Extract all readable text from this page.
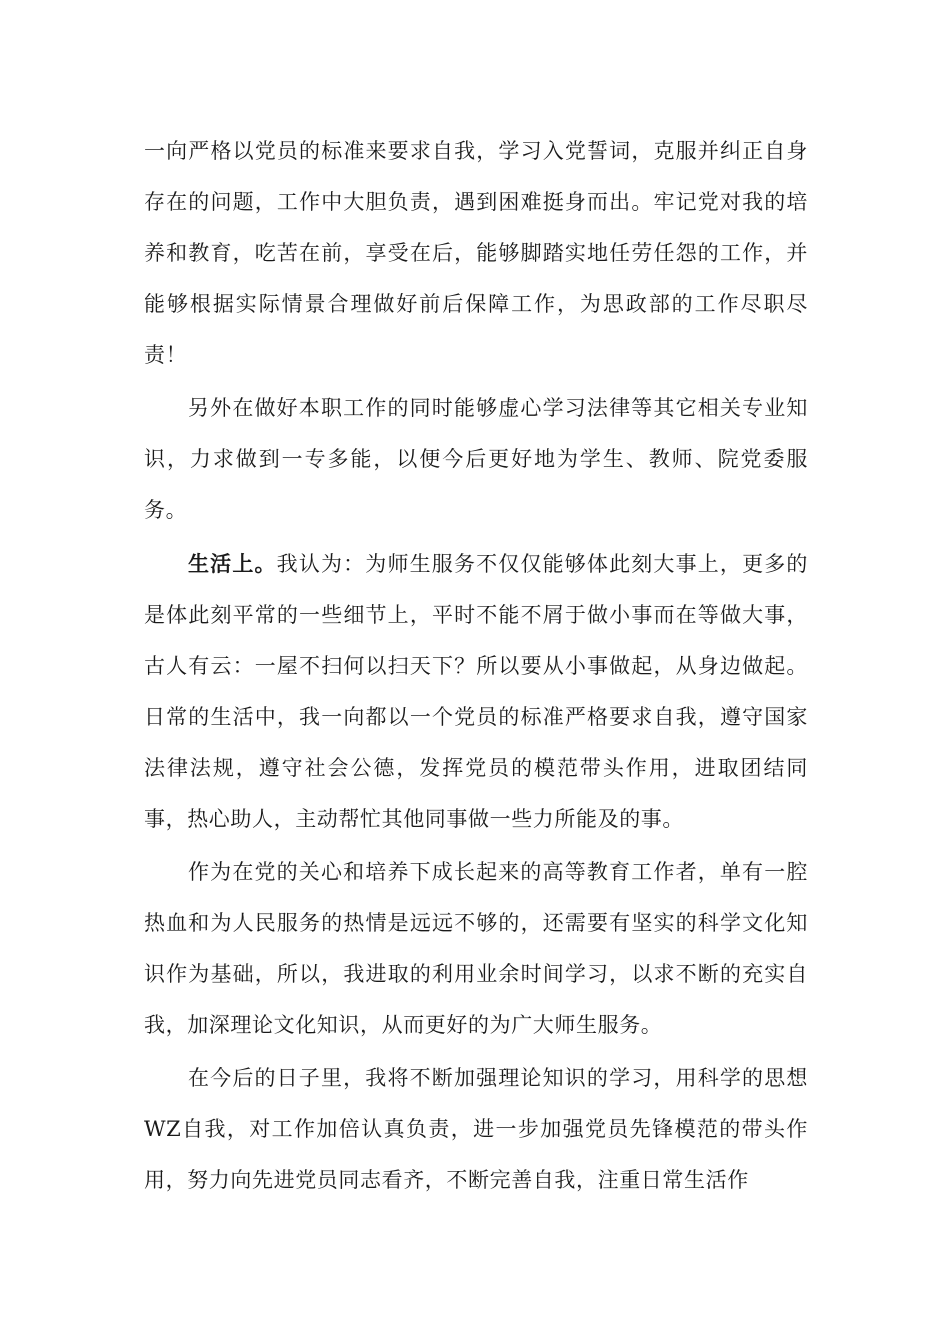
一向严格以党员的标准来要求自我，学习入党誓词，克服并纠正自身存在的问题，工作中大胆负责，遇到困难挺身而出。牢记党对我的培养和教育，吃苦在前，享受在后，能够脚踏实地任劳任怨的工作，并能够根据实际情景合理做好前后保障工作，为思政部的工作尽职尽责！

另外在做好本职工作的同时能够虚心学习法律等其它相关专业知识，力求做到一专多能，以便今后更好地为学生、教师、院党委服务。

生活上。我认为：为师生服务不仅仅能够体此刻大事上，更多的是体此刻平常的一些细节上，平时不能不屑于做小事而在等做大事，古人有云：一屋不扫何以扫天下？所以要从小事做起，从身边做起。日常的生活中，我一向都以一个党员的标准严格要求自我，遵守国家法律法规，遵守社会公德，发挥党员的模范带头作用，进取团结同事，热心助人，主动帮忙其他同事做一些力所能及的事。

作为在党的关心和培养下成长起来的高等教育工作者，单有一腔热血和为人民服务的热情是远远不够的，还需要有坚实的科学文化知识作为基础，所以，我进取的利用业余时间学习，以求不断的充实自我，加深理论文化知识，从而更好的为广大师生服务。

在今后的日子里，我将不断加强理论知识的学习，用科学的思想WZ自我，对工作加倍认真负责，进一步加强党员先锋模范的带头作用，努力向先进党员同志看齐，不断完善自我，注重日常生活作
